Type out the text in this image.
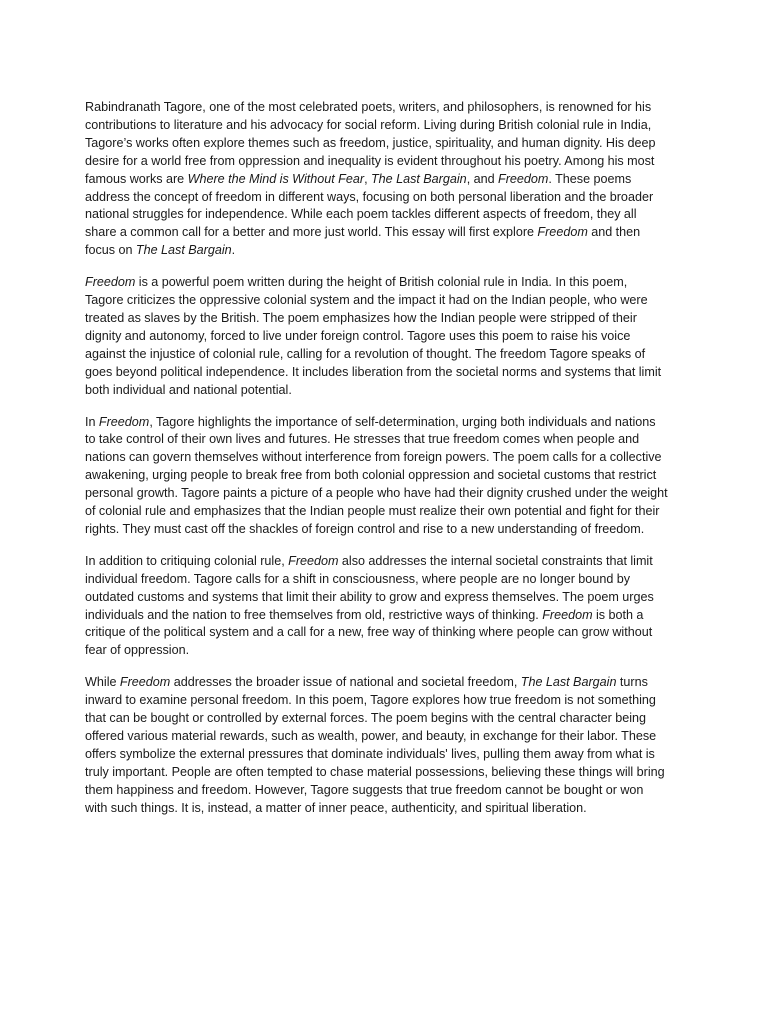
Rabindranath Tagore, one of the most celebrated poets, writers, and philosophers, is renowned for his contributions to literature and his advocacy for social reform. Living during British colonial rule in India, Tagore’s works often explore themes such as freedom, justice, spirituality, and human dignity. His deep desire for a world free from oppression and inequality is evident throughout his poetry. Among his most famous works are Where the Mind is Without Fear, The Last Bargain, and Freedom. These poems address the concept of freedom in different ways, focusing on both personal liberation and the broader national struggles for independence. While each poem tackles different aspects of freedom, they all share a common call for a better and more just world. This essay will first explore Freedom and then focus on The Last Bargain.

Freedom is a powerful poem written during the height of British colonial rule in India. In this poem, Tagore criticizes the oppressive colonial system and the impact it had on the Indian people, who were treated as slaves by the British. The poem emphasizes how the Indian people were stripped of their dignity and autonomy, forced to live under foreign control. Tagore uses this poem to raise his voice against the injustice of colonial rule, calling for a revolution of thought. The freedom Tagore speaks of goes beyond political independence. It includes liberation from the societal norms and systems that limit both individual and national potential.

In Freedom, Tagore highlights the importance of self-determination, urging both individuals and nations to take control of their own lives and futures. He stresses that true freedom comes when people and nations can govern themselves without interference from foreign powers. The poem calls for a collective awakening, urging people to break free from both colonial oppression and societal customs that restrict personal growth. Tagore paints a picture of a people who have had their dignity crushed under the weight of colonial rule and emphasizes that the Indian people must realize their own potential and fight for their rights. They must cast off the shackles of foreign control and rise to a new understanding of freedom.

In addition to critiquing colonial rule, Freedom also addresses the internal societal constraints that limit individual freedom. Tagore calls for a shift in consciousness, where people are no longer bound by outdated customs and systems that limit their ability to grow and express themselves. The poem urges individuals and the nation to free themselves from old, restrictive ways of thinking. Freedom is both a critique of the political system and a call for a new, free way of thinking where people can grow without fear of oppression.

While Freedom addresses the broader issue of national and societal freedom, The Last Bargain turns inward to examine personal freedom. In this poem, Tagore explores how true freedom is not something that can be bought or controlled by external forces. The poem begins with the central character being offered various material rewards, such as wealth, power, and beauty, in exchange for their labor. These offers symbolize the external pressures that dominate individuals' lives, pulling them away from what is truly important. People are often tempted to chase material possessions, believing these things will bring them happiness and freedom. However, Tagore suggests that true freedom cannot be bought or won with such things. It is, instead, a matter of inner peace, authenticity, and spiritual liberation.
